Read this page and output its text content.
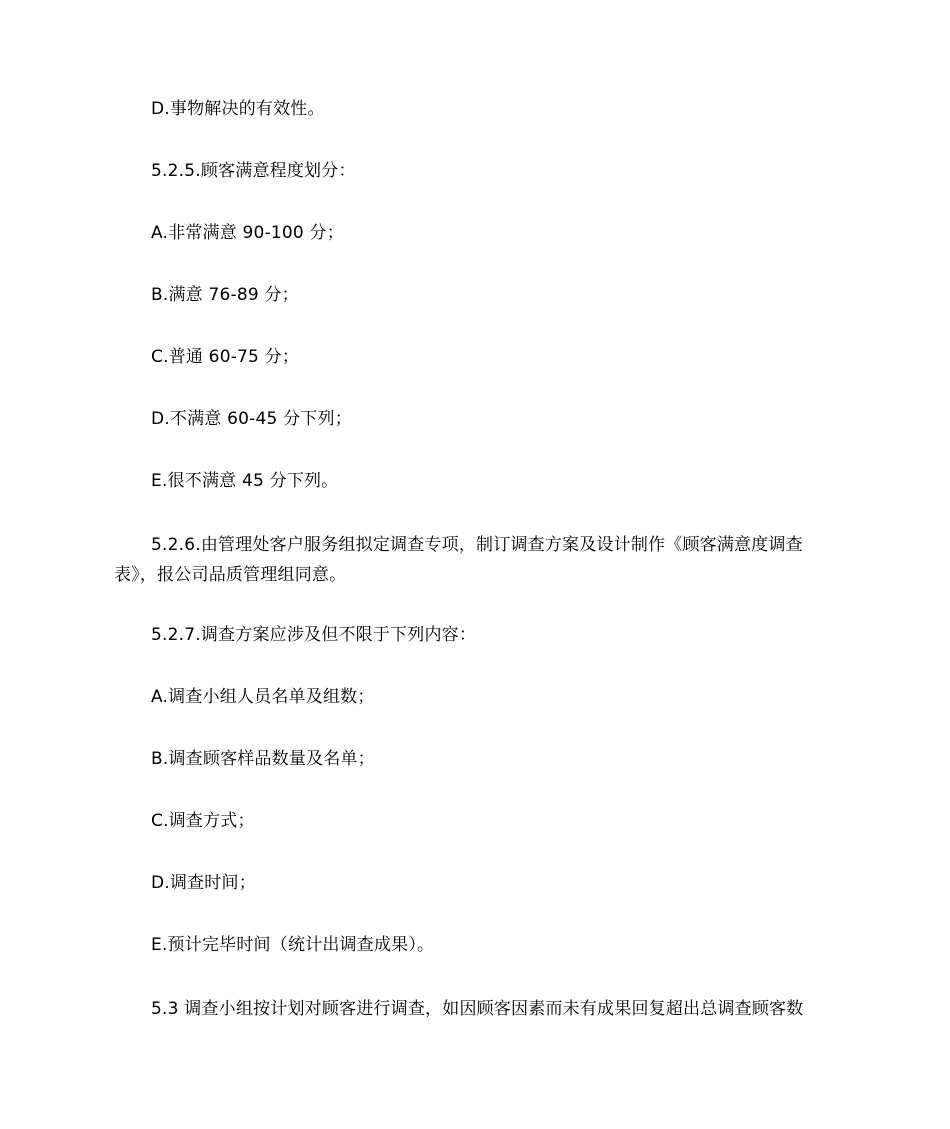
D.事物解决的有效性。

5.2.5.顾客满意程度划分：

A.非常满意 90-100 分；

B.满意 76-89 分；

C.普通 60-75 分；

D.不满意 60-45 分下列；

E.很不满意 45 分下列。

5.2.6.由管理处客户服务组拟定调查专项，制订调查方案及设计制作《顾客满意度调查表》，报公司品质管理组同意。

5.2.7.调查方案应涉及但不限于下列内容：

A.调查小组人员名单及组数；

B.调查顾客样品数量及名单；

C.调查方式；

D.调查时间；

E.预计完毕时间（统计出调查成果）。

5.3 调查小组按计划对顾客进行调查，如因顾客因素而未有成果回复超出总调查顾客数
